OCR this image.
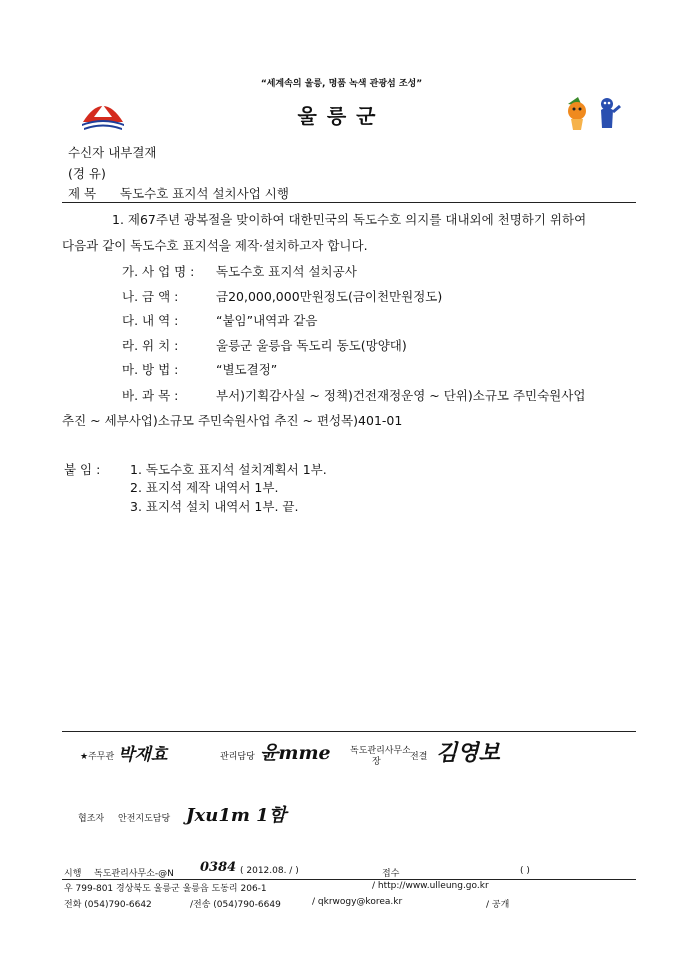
“세계속의 울릉, 명품 녹색 관광섬 조성”
울릉군
수신자 내부결재
(경 유)
제 목 독도수호 표지석 설치사업 시행
1. 제67주년 광복절을 맞이하여 대한민국의 독도수호 의지를 대내외에 천명하기 위하여
다음과 같이 독도수호 표지석을 제작·설치하고자 합니다.
가. 사 업 명 : 독도수호 표지석 설치공사
나. 금 액 :	금20,000,000만원정도(금이천만원정도)
다. 내 역 :	“붙임”내역과 같음
라. 위 치 :	울릉군 울릉읍 독도리 동도(망양대)
마. 방 법 :	“별도결정”
바. 과 목 :	부서)기획감사실 ~ 정책)건전재정운영 ~ 단위)소규모 주민숙원사업
추진 ~ 세부사업)소규모 주민숙원사업 추진 ~ 편성목)401-01
붙 임 : 1. 독도수호 표지석 설치계획서 1부.
2. 표지석 제작 내역서 1부.
3. 표지석 설치 내역서 1부. 끝.
★주무관 박재효	관리담당 윤mme 독도관리사무소
장	전결 김영보
협조자 안전지도담당 Jxu1m 1함
시행 독도관리사무소-@N 0384 ( 2012.08. / )	접수	( )
우 799-801 경상북도 울릉군 울릉읍 도동리 206-1	/ http://www.ulleung.go.kr
전화 (054)790-6642	/전송 (054)790-6649	/ qkrwogy@korea.kr	/ 공개
